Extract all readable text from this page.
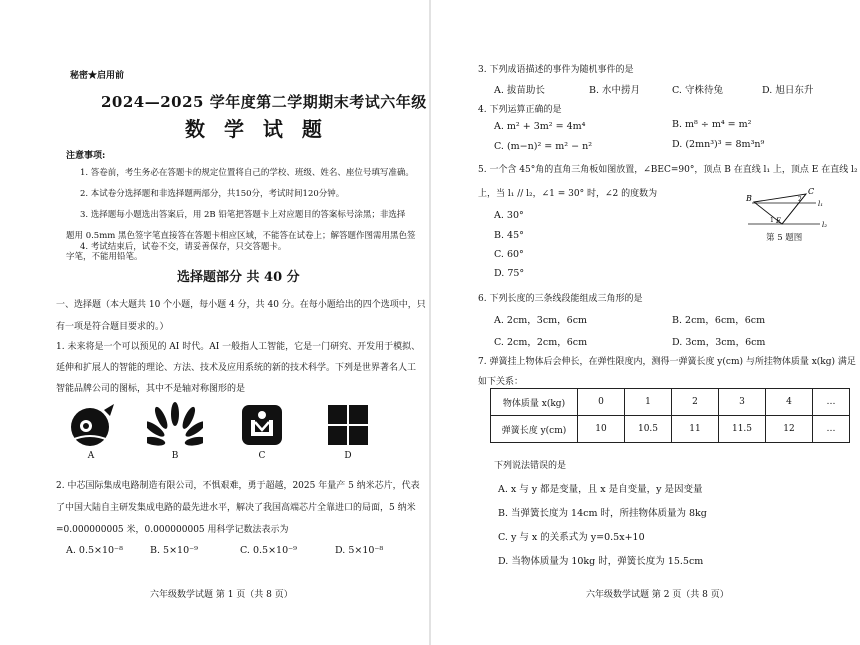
秘密★启用前
2024—2025 学年度第二学期期末考试六年级
数 学 试 题
注意事项:
1. 答卷前，考生务必在答题卡的规定位置将自己的学校、班级、姓名、座位号填写准确。
2. 本试卷分选择题和非选择题两部分，共150分，考试时间120分钟。
3. 选择题每小题选出答案后，用 2B 铅笔把答题卡上对应题目的答案标号涂黑；非选择
题用 0.5mm 黑色签字笔直接答在答题卡相应区域，不能答在试卷上；解答题作图需用黑色签
字笔，不能用铅笔。
4. 考试结束后，试卷不交，请妥善保存，只交答题卡。
选择题部分 共 40 分
一、选择题（本大题共 10 个小题，每小题 4 分，共 40 分。在每小题给出的四个选项中，只
有一项是符合题目要求的。）
1. 未来将是一个可以预见的 AI 时代。AI 一般指人工智能，它是一门研究、开发用于模拟、
延伸和扩展人的智能的理论、方法、技术及应用系统的新的技术科学。下列是世界著名人工
智能品牌公司的图标，其中不是轴对称图形的是
A	B	C	D
2. 中芯国际集成电路制造有限公司，不惧艰难，勇于超越，2025 年量产 5 纳米芯片，代表
了中国大陆自主研发集成电路的最先进水平，解决了我国高端芯片全靠进口的局面，5 纳米
=0.000000005 米，0.000000005 用科学记数法表示为
A. 0.5×10⁻⁸	B. 5×10⁻⁹	C. 0.5×10⁻⁹	D. 5×10⁻⁸
六年级数学试题 第 1 页（共 8 页）
3. 下列成语描述的事件为随机事件的是
A. 拔苗助长	B. 水中捞月	C. 守株待兔	D. 旭日东升
4. 下列运算正确的是
A. m² + 3m² = 4m⁴	B. m⁸ ÷ m⁴ = m²
C. (m−n)² = m² − n²	D. (2mn³)³ = 8m³n⁹
5. 一个含 45°角的直角三角板如图放置，∠BEC=90°，顶点 B 在直线 l₁ 上，顶点 E 在直线 l₂
上，当 l₁ // l₂，∠1 = 30° 时，∠2 的度数为
A. 30°
B. 45°
C. 60°
D. 75°
B
C
E
l₁
l₂
1
2
第 5 题图
6. 下列长度的三条线段能组成三角形的是
A. 2cm，3cm，6cm	B. 2cm，6cm，6cm
C. 2cm，2cm，6cm	D. 3cm，3cm，6cm
7. 弹簧挂上物体后会伸长，在弹性限度内，测得一弹簧长度 y(cm) 与所挂物体质量 x(kg) 满足
如下关系：
物体质量 x(kg)	0	1	2	3	4	…
弹簧长度 y(cm)	10	10.5	11	11.5	12	…
下列说法错误的是
A. x 与 y 都是变量，且 x 是自变量，y 是因变量
B. 当弹簧长度为 14cm 时，所挂物体质量为 8kg
C. y 与 x 的关系式为 y=0.5x+10
D. 当物体质量为 10kg 时，弹簧长度为 15.5cm
六年级数学试题 第 2 页（共 8 页）
